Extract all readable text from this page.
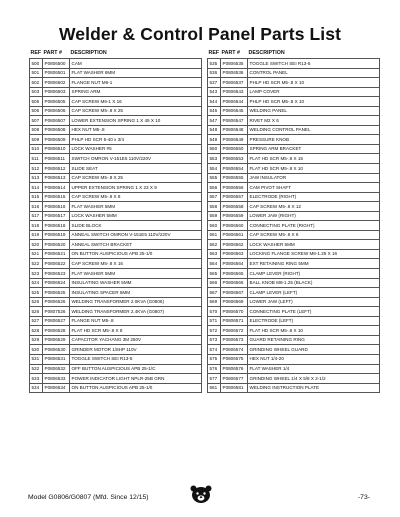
Welder & Control Panel Parts List
REF	PART #	DESCRIPTION
500	P0806500	CAM
501	P0806501	FLAT WASHER 6MM
502	P0806502	FLANGE NUT M6-1
503	P0806503	SPRING ARM
505	P0806505	CAP SCREW M6-1 X 16
506	P0806506	CAP SCREW M5-.8 X 25
507	P0806507	LOWER EXTENSION SPRING 1 X 45 X 10
508	P0806508	HEX NUT M5-.8
509	P0806509	PHLP HD SCR 5-40 x 3/4
510	P0806510	LOCK WASHER #5
511	P0806511	SWITCH OMRON V-151E5 110V/220V
512	P0806512	SLIDE SEAT
513	P0806513	CAP SCREW M5-.8 X 25
514	P0806514	UPPER EXTENSION SPRING 1 X 23 X 9
515	P0806515	CAP SCREW M5-.8 X 8
516	P0806516	FLAT WASHER 5MM
517	P0806517	LOCK WASHER 5MM
518	P0806518	SLIDE BLOCK
519	P0806519	ANNEAL SWITCH OMRON V-151E5 110V/220V
520	P0806520	ANNEAL SWITCH BRACKET
521	P0806521	ON BUTTON AUSPICIOUS APB 25-1/0
522	P0806522	CAP SCREW M5-.8 X 16
523	P0806523	FLAT WASHER 5MM
524	P0806524	INSULATING WASHER 5MM
525	P0806525	INSULATING SPACER 5MM
526	P0806526	WELDING TRANSFORMER 2.0KVA (G0806)
526	P0807526	WELDING TRANSFORMER 2.4KVA (G0807)
527	P0806527	FLANGE NUT M5-.8
528	P0806528	FLAT HD SCR M5-.8 X 8
529	P0806529	CAPACITOR YACHANG 3M 250V
530	P0806530	GRINDER MOTOR 1/8HP 110V
531	P0806531	TOGGLE SWITCH SEI R13-5
532	P0806532	OFF BUTTON AUSPICIOUS APB 25-1/C
533	P0806533	POWER INDICATOR LIGHT NPLR-25B GRN
534	P0806534	ON BUTTON AUSPICIOUS APB 25-1/0
REF	PART #	DESCRIPTION
535	P0806535	TOGGLE SWITCH SEI R13-5
536	P0806536	CONTROL PANEL
537	P0806537	PHLP HD SCR M5-.8 X 10
543	P0806543	LAMP COVER
544	P0806544	PHLP HD SCR M5-.8 X 10
545	P0806545	WELDING PANEL
547	P0806547	RIVET M2 X 6
548	P0806548	WELDING CONTROL PANEL
549	P0806549	PRESSURE KNOB
550	P0806550	SPRING ARM BRACKET
553	P0806553	FLAT HD SCR M5-.8 X 15
554	P0806554	FLAT HD SCR M5-.8 X 10
555	P0806555	JAW INSULATOR
556	P0806556	CAM PIVOT SHAFT
557	P0806557	ELECTRODE (RIGHT)
558	P0806558	CAP SCREW M5-.8 X 12
559	P0806559	LOWER JAW (RIGHT)
560	P0806560	CONNECTING PLATE (RIGHT)
561	P0806561	CAP SCREW M5-.8 X 6
562	P0806562	LOCK WASHER 5MM
563	P0806563	LOCKING FLANGE SCREW M8-1.25 X 16
564	P0806564	EXT RETAINING RING 5MM
565	P0806565	CLAMP LEVER (RIGHT)
566	P0806566	BALL KNOB M8-1.25 (BLACK)
567	P0806567	CLAMP LEVER (LEFT)
569	P0806569	LOWER JAW (LEFT)
570	P0806570	CONNECTING PLATE (LEFT)
571	P0806571	ELECTRODE (LEFT)
572	P0806572	FLAT HD SCR M5-.8 X 10
573	P0806573	GUARD RETAINING RING
574	P0806574	GRINDING WHEEL GUARD
575	P0806575	HEX NUT 1/4-20
576	P0806576	FLAT WASHER 1/4
577	P0806577	GRINDING WHEEL 1/4 X 5/8 X 2-1/2
581	P0806581	WELDING INSTRUCTION PLATE
Model G0806/G0807 (Mfd. Since 12/15)	-73-
